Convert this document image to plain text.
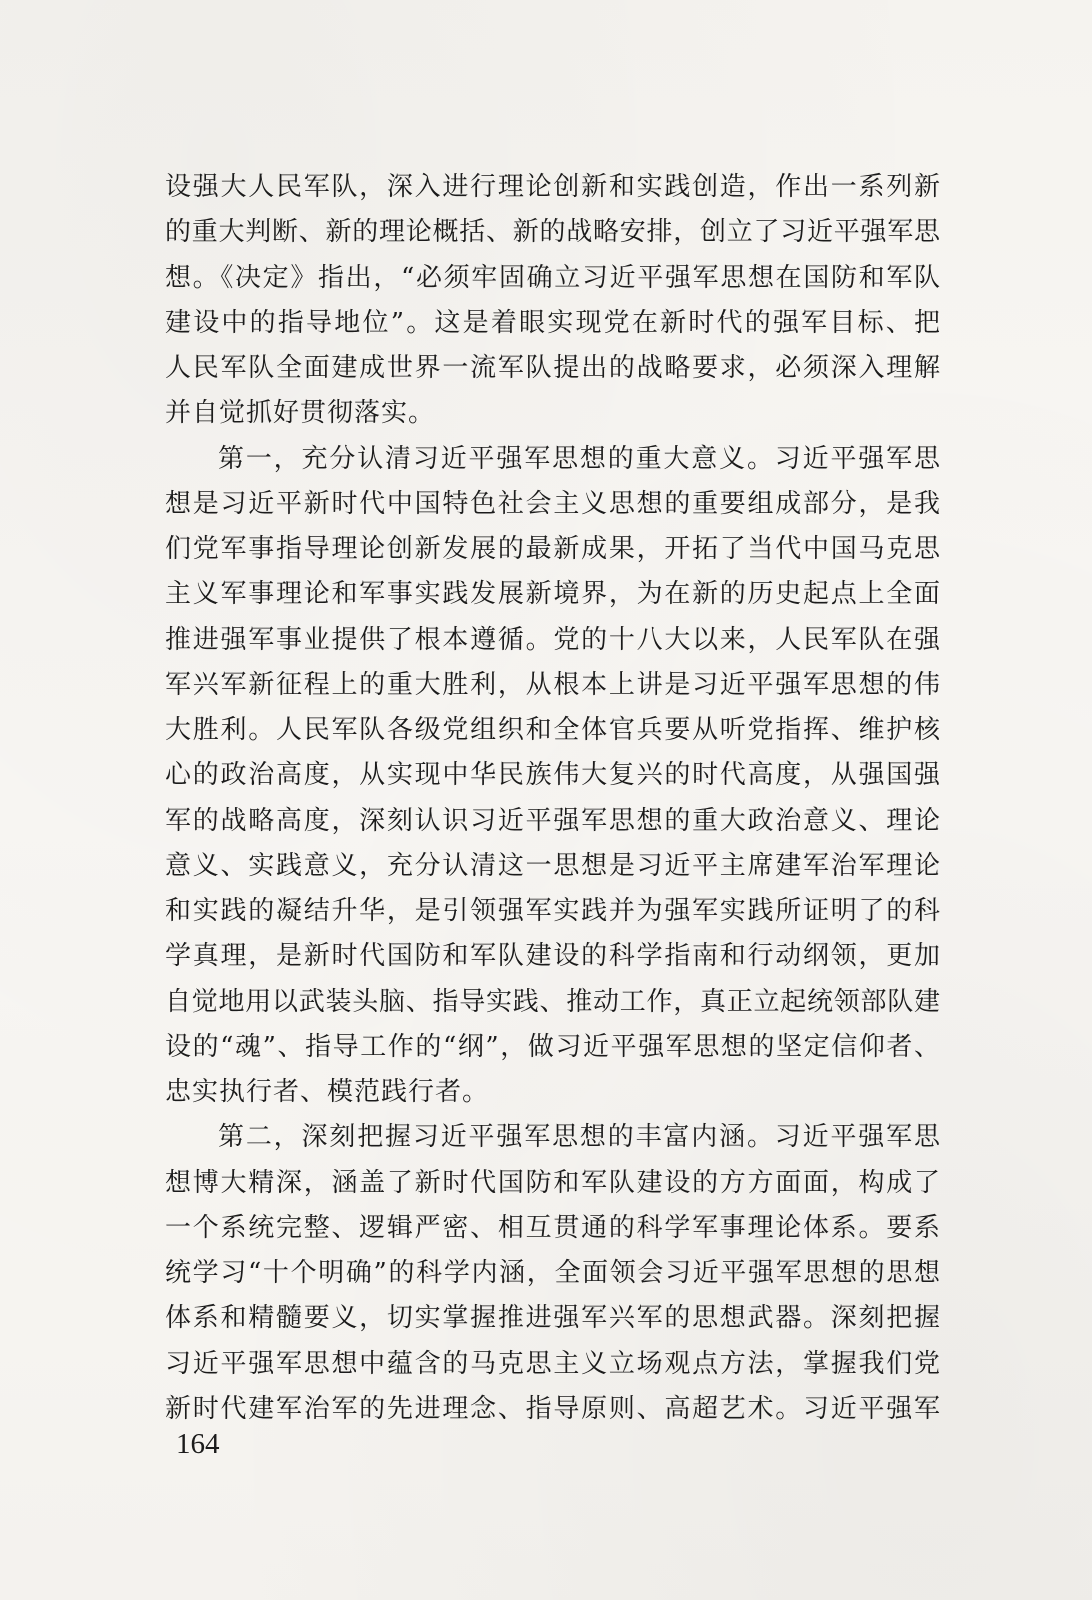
设强大人民军队，深入进行理论创新和实践创造，作出一系列新
的重大判断、新的理论概括、新的战略安排，创立了习近平强军思
想。《决定》指出，“必须牢固确立习近平强军思想在国防和军队
建设中的指导地位”。这是着眼实现党在新时代的强军目标、把
人民军队全面建成世界一流军队提出的战略要求，必须深入理解
并自觉抓好贯彻落实。
第一，充分认清习近平强军思想的重大意义。习近平强军思
想是习近平新时代中国特色社会主义思想的重要组成部分，是我
们党军事指导理论创新发展的最新成果，开拓了当代中国马克思
主义军事理论和军事实践发展新境界，为在新的历史起点上全面
推进强军事业提供了根本遵循。党的十八大以来，人民军队在强
军兴军新征程上的重大胜利，从根本上讲是习近平强军思想的伟
大胜利。人民军队各级党组织和全体官兵要从听党指挥、维护核
心的政治高度，从实现中华民族伟大复兴的时代高度，从强国强
军的战略高度，深刻认识习近平强军思想的重大政治意义、理论
意义、实践意义，充分认清这一思想是习近平主席建军治军理论
和实践的凝结升华，是引领强军实践并为强军实践所证明了的科
学真理，是新时代国防和军队建设的科学指南和行动纲领，更加
自觉地用以武装头脑、指导实践、推动工作，真正立起统领部队建
设的“魂”、指导工作的“纲”，做习近平强军思想的坚定信仰者、
忠实执行者、模范践行者。
第二，深刻把握习近平强军思想的丰富内涵。习近平强军思
想博大精深，涵盖了新时代国防和军队建设的方方面面，构成了
一个系统完整、逻辑严密、相互贯通的科学军事理论体系。要系
统学习“十个明确”的科学内涵，全面领会习近平强军思想的思想
体系和精髓要义，切实掌握推进强军兴军的思想武器。深刻把握
习近平强军思想中蕴含的马克思主义立场观点方法，掌握我们党
新时代建军治军的先进理念、指导原则、高超艺术。习近平强军
164
